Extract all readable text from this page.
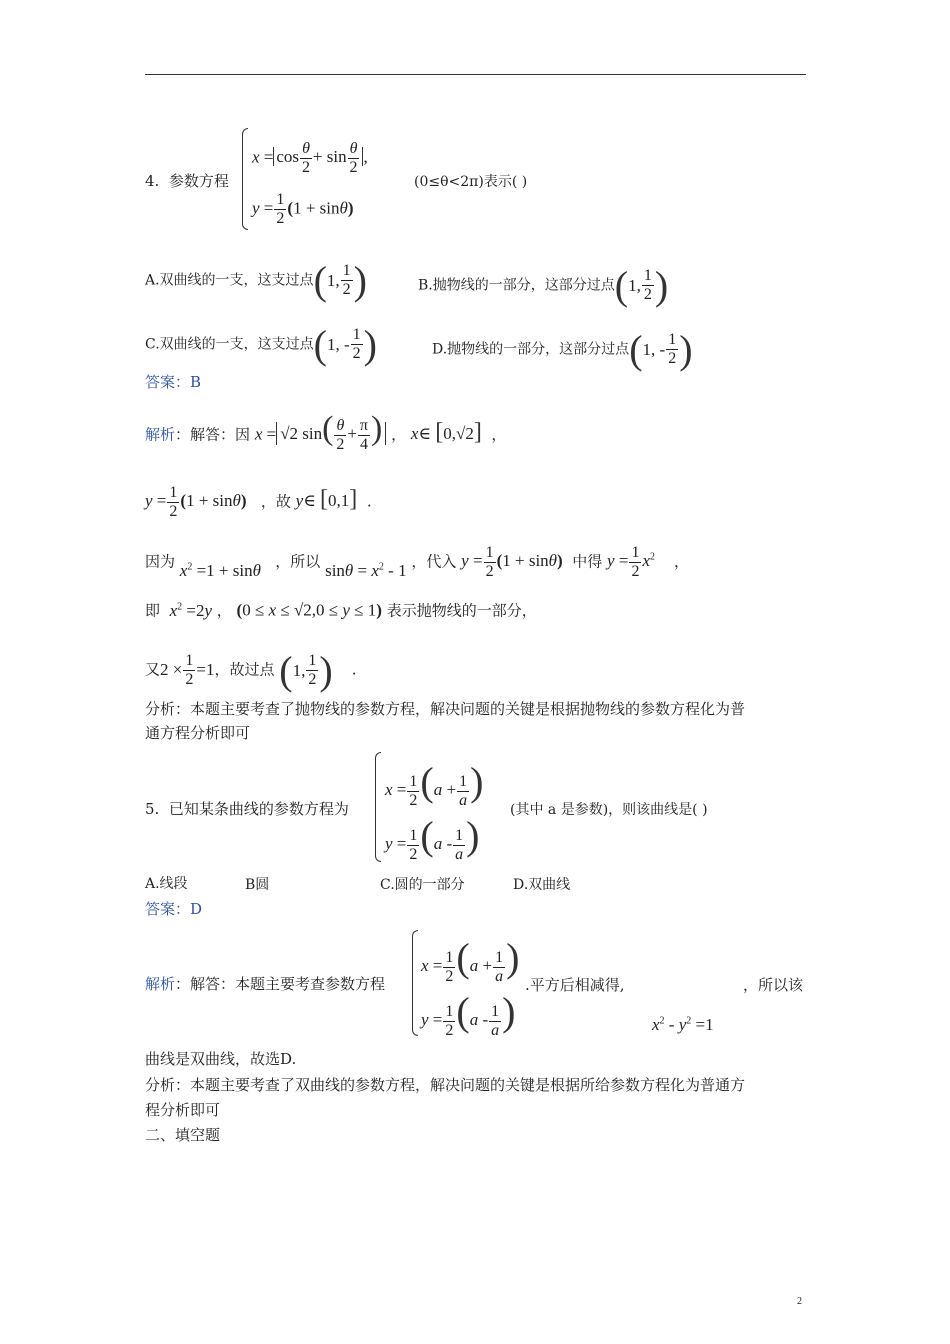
4. 参数方程
$x = \cos \frac{\theta}{2} + \sin \frac{\theta}{2}$ ,
$y = \frac{1}{2} (1 + \sin\theta)$
(0≤θ<2π)表示( )
A.双曲线的一支，这支过点 ( 1, $\frac{1}{2}$ )	B.抛物线的一部分，这部分过点 ( 1, $\frac{1}{2}$ )
C.双曲线的一支，这支过点 ( 1, - $\frac{1}{2}$ )	D.抛物线的一部分，这部分过点 ( 1, - $\frac{1}{2}$ )
答案：B
解析：解答：因 x = √2 $\sin( \frac{\theta}{2} + \frac{\pi}{4}$ ) ， x∈ [0,√2]  ，
$y = \frac{1}{2} (1 + \sin\theta)$ ，故 y∈ [0,1]  .
因为 $x^2 =1 + \sin\theta$ ，所以 $\sin\theta = x^2 - 1$ ，代入 $y = \frac{1}{2} (1 + \sin\theta)$ 中得 $y = \frac{1}{2} x^2$    ，
即 $x^2 =2y$ ， (0 ≤ x ≤ √2,0 ≤ y ≤ 1) 表示抛物线的一部分，
又$2 \times \frac{1}{2} =1$，故过点 ( 1, $\frac{1}{2}$ ) .
分析：本题主要考查了抛物线的参数方程，解决问题的关键是根据抛物线的参数方程化为普
通方程分析即可
5. 已知某条曲线的参数方程为
$x = \frac{1}{2} (a + \frac{1}{a}$ )
$y = \frac{1}{2} (a - \frac{1}{a}$ )
(其中 a 是参数)，则该曲线是( )
A.线段	B圆	C.圆的一部分	D.双曲线
答案：D
解析：解答：本题主要考查参数方程
$x = \frac{1}{2} (a + \frac{1}{a}$ )
$y = \frac{1}{2} (a - \frac{1}{a}$ )
.平方后相减得,	，所以该
$x^2 - y^2 =1$
曲线是双曲线，故选D.
分析：本题主要考查了双曲线的参数方程，解决问题的关键是根据所给参数方程化为普通方
程分析即可
二、填空题
2
